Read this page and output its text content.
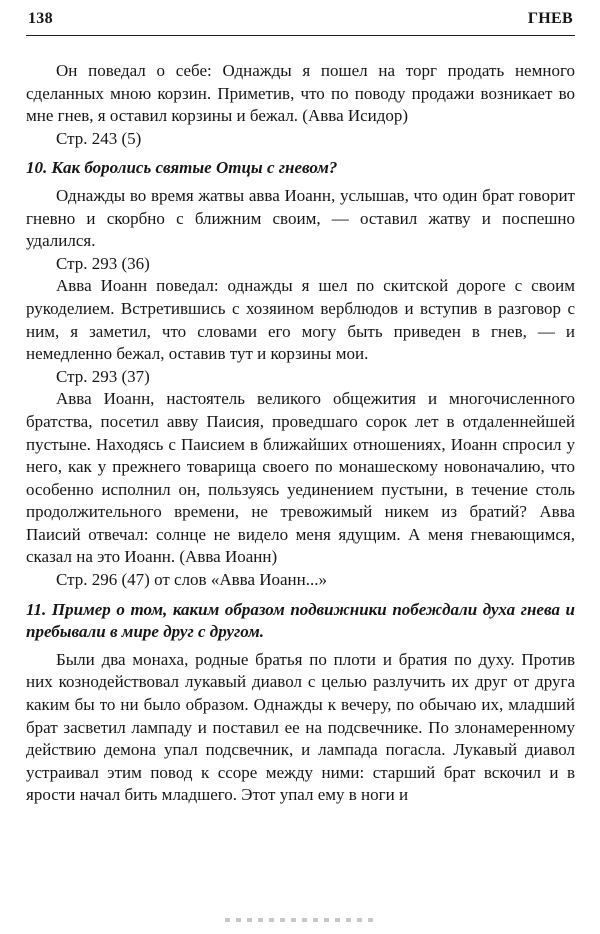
138	ГНЕВ

Он поведал о себе: Однажды я пошел на торг продать немного сделанных мною корзин. Приметив, что по поводу продажи возникает во мне гнев, я оставил корзины и бежал. (Авва Исидор)

Стр. 243 (5)

10. Как боролись святые Отцы с гневом?

Однажды во время жатвы авва Иоанн, услышав, что один брат говорит гневно и скорбно с ближним своим, — оставил жатву и поспешно удалился.

Стр. 293 (36)

Авва Иоанн поведал: однажды я шел по скитской дороге с своим рукоделием. Встретившись с хозяином верблюдов и вступив в разговор с ним, я заметил, что словами его могу быть приведен в гнев, — и немедленно бежал, оставив тут и корзины мои.

Стр. 293 (37)

Авва Иоанн, настоятель великого общежития и многочисленного братства, посетил авву Паисия, проведшаго сорок лет в отдаленнейшей пустыне. Находясь с Паисием в ближайших отношениях, Иоанн спросил у него, как у прежнего товарища своего по монашескому новоначалию, что особенно исполнил он, пользуясь уединением пустыни, в течение столь продолжительного времени, не тревожимый никем из братий? Авва Паисий отвечал: солнце не видело меня ядущим. А меня гневающимся, сказал на это Иоанн. (Авва Иоанн)

Стр. 296 (47) от слов «Авва Иоанн...»

11. Пример о том, каким образом подвижники побеждали духа гнева и пребывали в мире друг с другом.

Были два монаха, родные братья по плоти и братия по духу. Против них кознодействовал лукавый диавол с целью разлучить их друг от друга каким бы то ни было образом. Однажды к вечеру, по обычаю их, младший брат засветил лампаду и поставил ее на подсвечнике. По злонамеренному действию демона упал подсвечник, и лампада погасла. Лукавый диавол устраивал этим повод к ссоре между ними: старший брат вскочил и в ярости начал бить младшего. Этот упал ему в ноги и
